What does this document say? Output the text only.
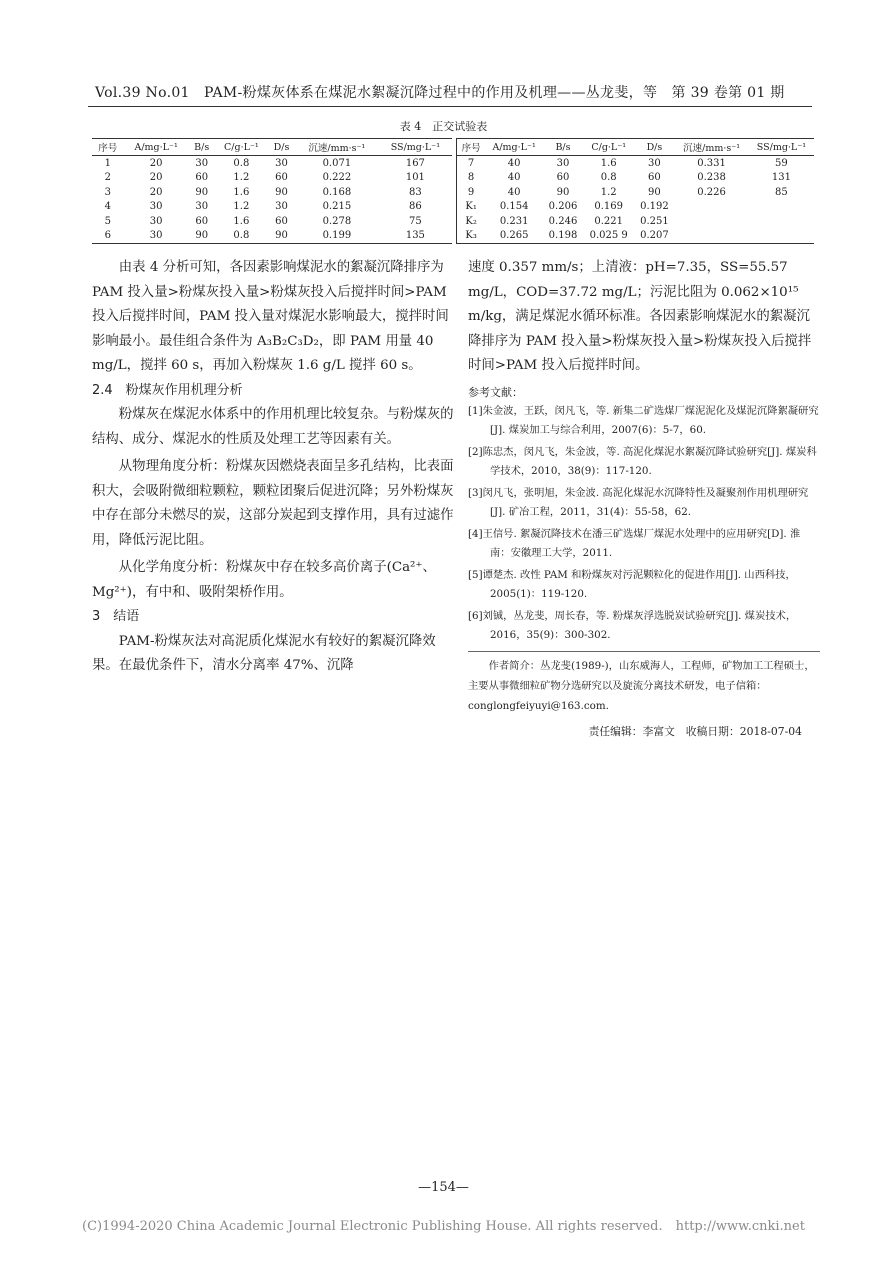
Vol.39 No.01　PAM-粉煤灰体系在煤泥水絮凝沉降过程中的作用及机理——丛龙斐，等　第 39 卷第 01 期
表 4　正交试验表
序号	A/mg·L⁻¹	B/s	C/g·L⁻¹	D/s	沉速/mm·s⁻¹	SS/mg·L⁻¹
1	20	30	0.8	30	0.071	167
2	20	60	1.2	60	0.222	101
3	20	90	1.6	90	0.168	83
4	30	30	1.2	30	0.215	86
5	30	60	1.6	60	0.278	75
6	30	90	0.8	90	0.199	135
序号	A/mg·L⁻¹	B/s	C/g·L⁻¹	D/s	沉速/mm·s⁻¹	SS/mg·L⁻¹
7	40	30	1.6	30	0.331	59
8	40	60	0.8	60	0.238	131
9	40	90	1.2	90	0.226	85
K₁	0.154	0.206	0.169	0.192		
K₂	0.231	0.246	0.221	0.251		
K₃	0.265	0.198	0.025 9	0.207		

由表 4 分析可知，各因素影响煤泥水的絮凝沉降排序为 PAM 投入量>粉煤灰投入量>粉煤灰投入后搅拌时间>PAM 投入后搅拌时间，PAM 投入量对煤泥水影响最大，搅拌时间影响最小。最佳组合条件为 A₃B₂C₃D₂，即 PAM 用量 40 mg/L，搅拌 60 s，再加入粉煤灰 1.6 g/L 搅拌 60 s。

2.4　粉煤灰作用机理分析

粉煤灰在煤泥水体系中的作用机理比较复杂。与粉煤灰的结构、成分、煤泥水的性质及处理工艺等因素有关。

从物理角度分析：粉煤灰因燃烧表面呈多孔结构，比表面积大，会吸附微细粒颗粒，颗粒团聚后促进沉降；另外粉煤灰中存在部分未燃尽的炭，这部分炭起到支撑作用，具有过滤作用，降低污泥比阻。

从化学角度分析：粉煤灰中存在较多高价离子(Ca²⁺、Mg²⁺)，有中和、吸附架桥作用。

3　结语

PAM-粉煤灰法对高泥质化煤泥水有较好的絮凝沉降效果。在最优条件下，清水分离率 47%、沉降

速度 0.357 mm/s；上清液：pH=7.35，SS=55.57 mg/L，COD=37.72 mg/L；污泥比阻为 0.062×10¹⁵ m/kg，满足煤泥水循环标准。各因素影响煤泥水的絮凝沉降排序为 PAM 投入量>粉煤灰投入量>粉煤灰投入后搅拌时间>PAM 投入后搅拌时间。

参考文献：
[1]朱金波，王跃，闵凡飞，等. 新集二矿选煤厂煤泥泥化及煤泥沉降絮凝研究[J]. 煤炭加工与综合利用，2007(6)：5-7，60.
[2]陈忠杰，闵凡飞，朱金波，等. 高泥化煤泥水絮凝沉降试验研究[J]. 煤炭科学技术，2010，38(9)：117-120.
[3]闵凡飞，张明旭，朱金波. 高泥化煤泥水沉降特性及凝聚剂作用机理研究[J]. 矿冶工程，2011，31(4)：55-58，62.
[4]王信号. 絮凝沉降技术在潘三矿选煤厂煤泥水处理中的应用研究[D]. 淮南：安徽理工大学，2011.
[5]谭楚杰. 改性 PAM 和粉煤灰对污泥颗粒化的促进作用[J]. 山西科技，2005(1)：119-120.
[6]刘铖，丛龙斐，周长春，等. 粉煤灰浮选脱炭试验研究[J]. 煤炭技术，2016，35(9)：300-302.
作者简介：丛龙斐(1989-)，山东威海人，工程师，矿物加工工程硕士，主要从事微细粒矿物分选研究以及旋流分离技术研发，电子信箱：conglongfeiyuyi@163.com.
责任编辑：李富文　收稿日期：2018-07-04
—154—
(C)1994-2020 China Academic Journal Electronic Publishing House. All rights reserved.　http://www.cnki.net
